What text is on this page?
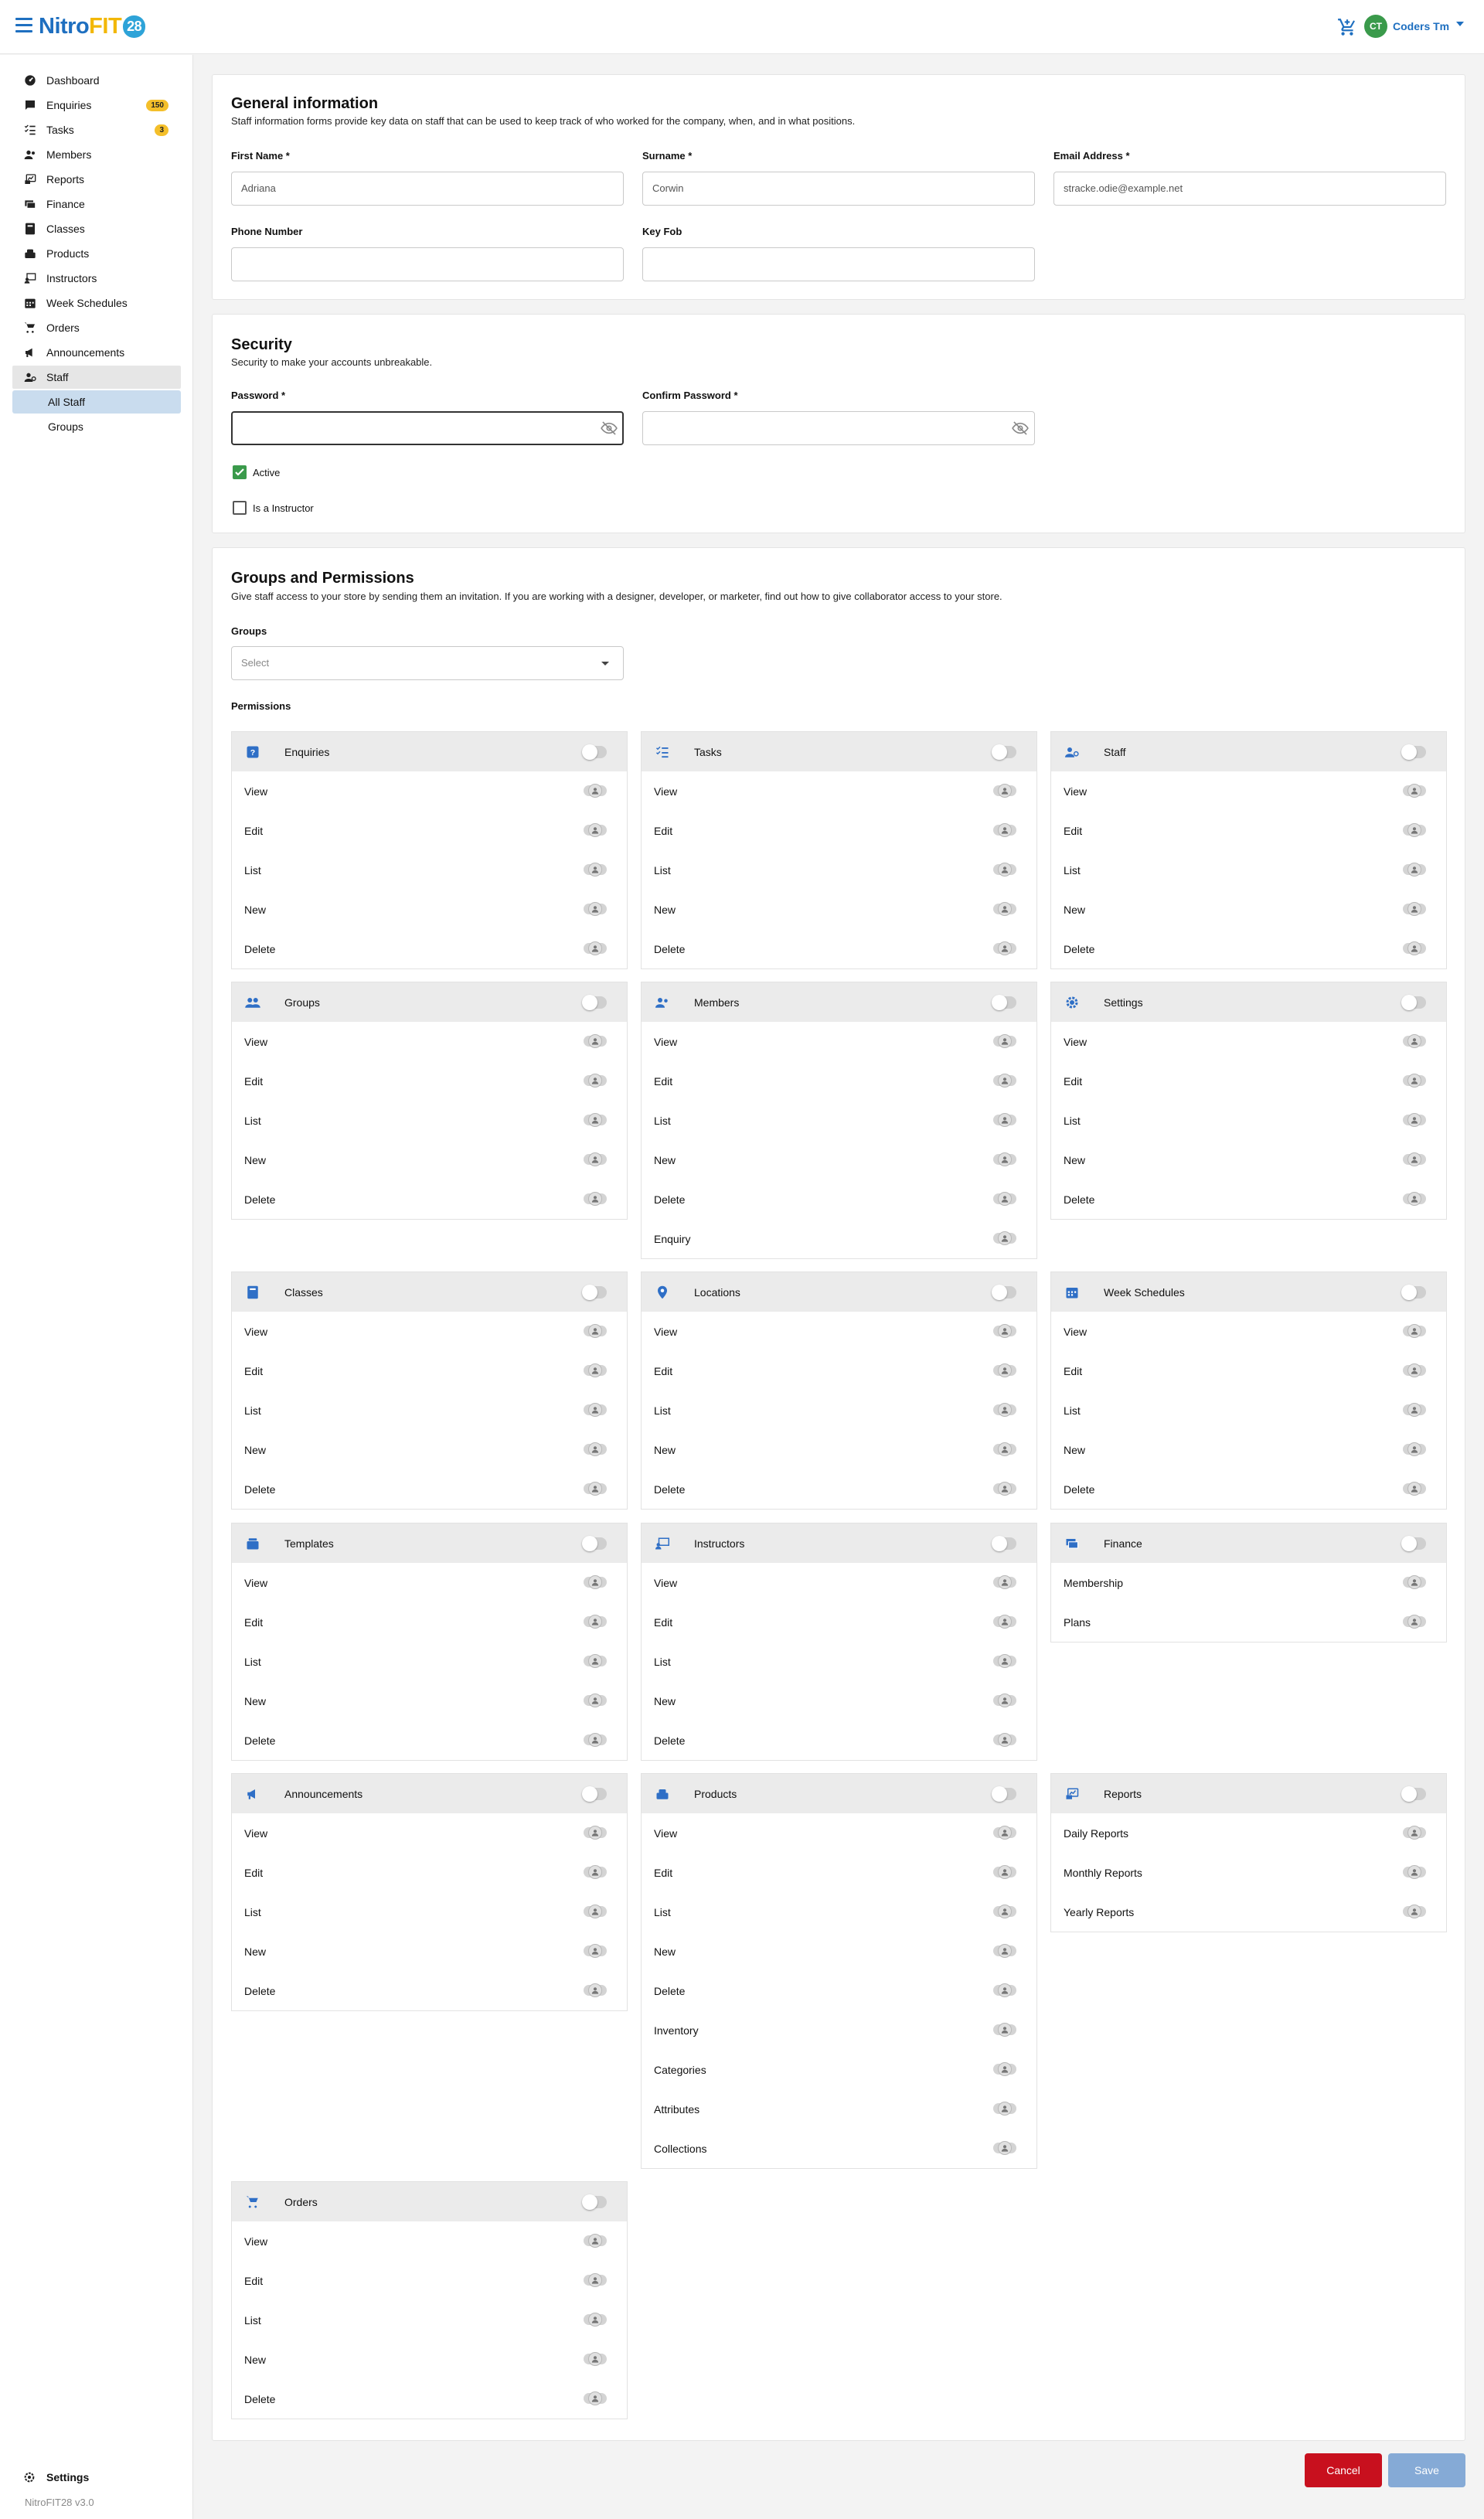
NitroFIT 28	CT	Coders Tm
Dashboard
Enquiries	150
Tasks	3
Members
Reports
Finance
Classes
Products
Instructors
Week Schedules
Orders
Announcements
Staff
All Staff
Groups
Settings
NitroFIT28 v3.0
General information
Staff information forms provide key data on staff that can be used to keep track of who worked for the company, when, and in what positions.
First Name *
Adriana
Surname *
Corwin
Email Address *
stracke.odie@example.net
Phone Number	Key Fob
Security
Security to make your accounts unbreakable.
Password *	Confirm Password *
Active
Is a Instructor
Groups and Permissions
Give staff access to your store by sending them an invitation. If you are working with a designer, developer, or marketer, find out how to give collaborator access to your store.
Groups
Select
Permissions
?	Enquiries
View
Edit
List
New
Delete
Tasks
View
Edit
List
New
Delete
Staff
View
Edit
List
New
Delete
Groups
View
Edit
List
New
Delete
Members
View
Edit
List
New
Delete
Enquiry
Settings
View
Edit
List
New
Delete
Classes
View
Edit
List
New
Delete
Locations
View
Edit
List
New
Delete
Week Schedules
View
Edit
List
New
Delete
Templates
View
Edit
List
New
Delete
Instructors
View
Edit
List
New
Delete
Finance
Membership
Plans
Announcements
View
Edit
List
New
Delete
Products
View
Edit
List
New
Delete
Inventory
Categories
Attributes
Collections
Reports
Daily Reports
Monthly Reports
Yearly Reports
Orders
View
Edit
List
New
Delete
Cancel	Save
